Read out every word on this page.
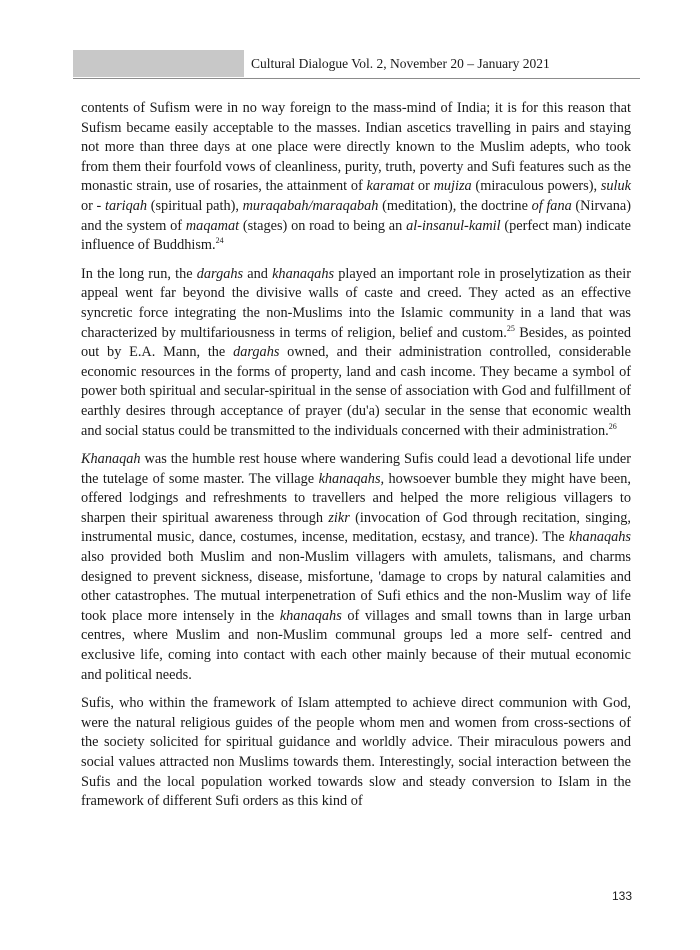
Cultural Dialogue Vol. 2, November 20 – January 2021

contents of Sufism were in no way foreign to the mass-mind of India; it is for this reason that Sufism became easily acceptable to the masses. Indian ascetics travelling in pairs and staying not more than three days at one place were directly known to the Muslim adepts, who took from them their fourfold vows of cleanliness, purity, truth, poverty and Sufi features such as the monastic strain, use of rosaries, the attainment of karamat or mujiza (miraculous powers), suluk or - tariqah (spiritual path), muraqabah/maraqabah (meditation), the doctrine of fana (Nirvana) and the system of maqamat (stages) on road to being an al-insanul-kamil (perfect man) indicate influence of Buddhism.$^{24}$

In the long run, the dargahs and khanaqahs played an important role in proselytization as their appeal went far beyond the divisive walls of caste and creed. They acted as an effective syncretic force integrating the non-Muslims into the Islamic community in a land that was characterized by multifariousness in terms of religion, belief and custom.$^{25}$ Besides, as pointed out by E.A. Mann, the dargahs owned, and their administration controlled, considerable economic resources in the forms of property, land and cash income. They became a symbol of power both spiritual and secular-spiritual in the sense of association with God and fulfillment of earthly desires through acceptance of prayer (du'a) secular in the sense that economic wealth and social status could be transmitted to the individuals concerned with their administration.$^{26}$

Khanaqah was the humble rest house where wandering Sufis could lead a devotional life under the tutelage of some master. The village khanaqahs, howsoever bumble they might have been, offered lodgings and refreshments to travellers and helped the more religious villagers to sharpen their spiritual awareness through zikr (invocation of God through recitation, singing, instrumental music, dance, costumes, incense, meditation, ecstasy, and trance). The khanaqahs also provided both Muslim and non-Muslim villagers with amulets, talismans, and charms designed to prevent sickness, disease, misfortune, 'damage to crops by natural calamities and other catastrophes. The mutual interpenetration of Sufi ethics and the non-Muslim way of life took place more intensely in the khanaqahs of villages and small towns than in large urban centres, where Muslim and non-Muslim communal groups led a more self- centred and exclusive life, coming into contact with each other mainly because of their mutual economic and political needs.

Sufis, who within the framework of Islam attempted to achieve direct communion with God, were the natural religious guides of the people whom men and women from cross-sections of the society solicited for spiritual guidance and worldly advice. Their miraculous powers and social values attracted non Muslims towards them. Interestingly, social interaction between the Sufis and the local population worked towards slow and steady conversion to Islam in the framework of different Sufi orders as this kind of

133
